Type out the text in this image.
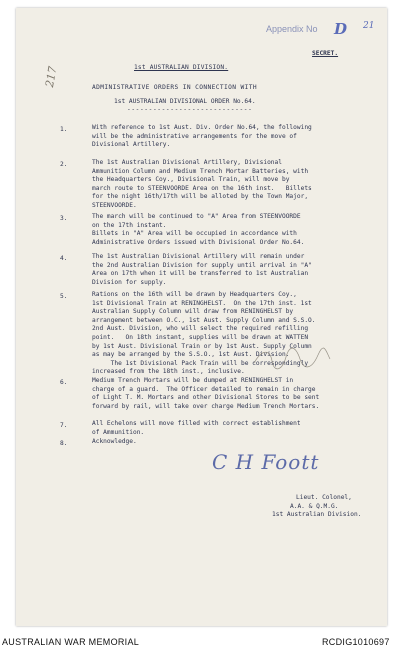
Appendix No D 21
217
SECRET.
1st AUSTRALIAN DIVISION.
ADMINISTRATIVE ORDERS IN CONNECTION WITH
1st AUSTRALIAN DIVISIONAL ORDER No.64.
-----------------------------
1.	With reference to 1st Aust. Div. Order No.64, the following
will be the administrative arrangements for the move of
Divisional Artillery.
2.	The 1st Australian Divisional Artillery, Divisional
Ammunition Column and Medium Trench Mortar Batteries, with
the Headquarters Coy., Divisional Train, will move by
march route to STEENVOORDE Area on the 16th inst.   Billets
for the night 16th/17th will be alloted by the Town Major,
STEENVOORDE.
3.	The march will be continued to "A" Area from STEENVOORDE
on the 17th instant.
Billets in "A" Area will be occupied in accordance with
Administrative Orders issued with Divisional Order No.64.
4.	The 1st Australian Divisional Artillery will remain under
the 2nd Australian Division for supply until arrival in "A"
Area on 17th when it will be transferred to 1st Australian
Division for supply.
5.	Rations on the 16th will be drawn by Headquarters Coy.,
1st Divisional Train at RENINGHELST.  On the 17th inst. 1st
Australian Supply Column will draw from RENINGHELST by
arrangement between O.C., 1st Aust. Supply Column and S.S.O.
2nd Aust. Division, who will select the required refilling
point.   On 18th instant, supplies will be drawn at WATTEN
by 1st Aust. Divisional Train or by 1st Aust. Supply Column
as may be arranged by the S.S.O., 1st Aust. Division.
The 1st Divisional Pack Train will be correspondingly
increased from the 18th inst., inclusive.
6.	Medium Trench Mortars will be dumped at RENINGHELST in
charge of a guard.  The Officer detailed to remain in charge
of Light T. M. Mortars and other Divisional Stores to be sent
forward by rail, will take over charge Medium Trench Mortars.
7.	All Echelons will move filled with correct establishment
of Ammunition.
8.	Acknowledge.
C H Foott
Lieut. Colonel,
A.A. & Q.M.G.
1st Australian Division.
AUSTRALIAN WAR MEMORIAL	RCDIG1010697
